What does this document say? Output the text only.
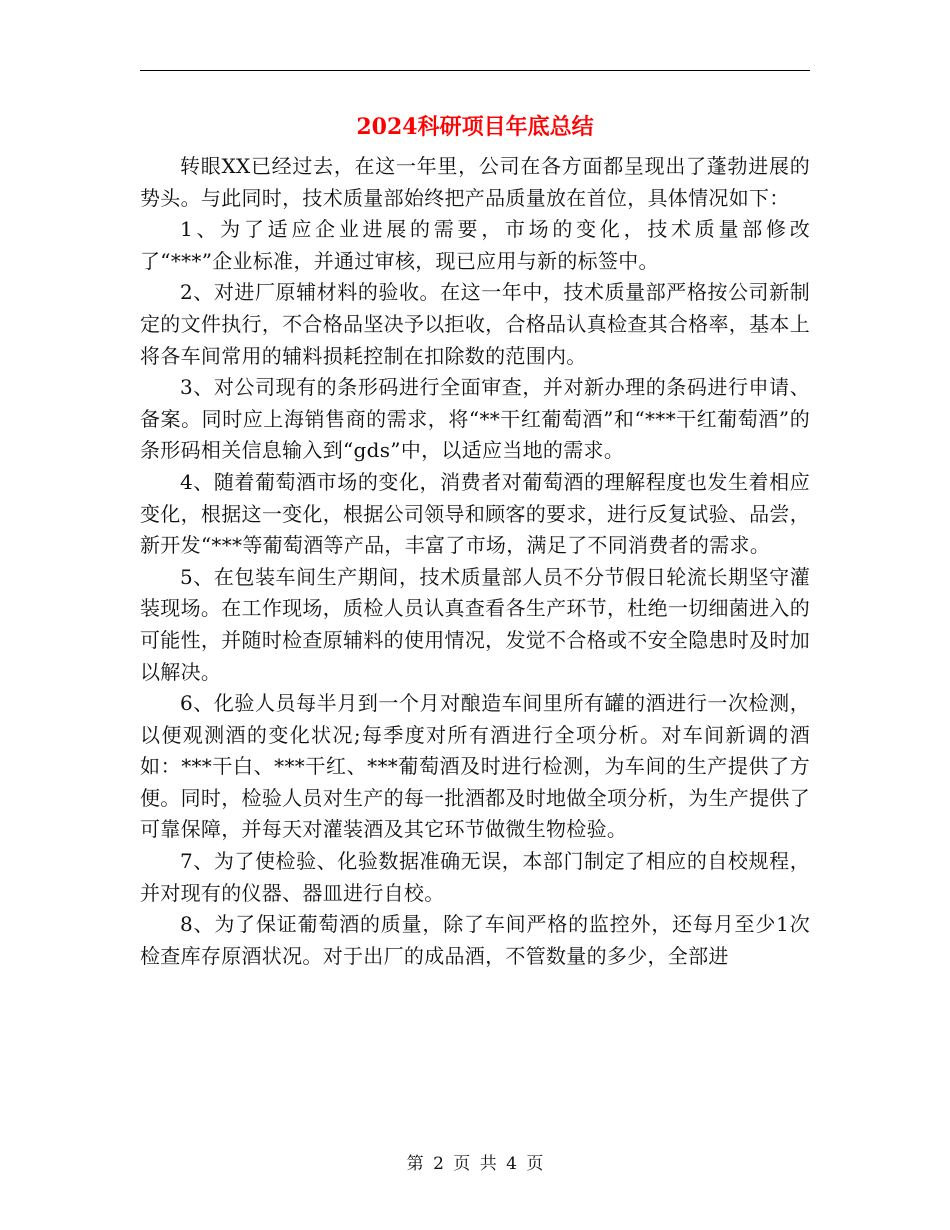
2024科研项目年底总结

转眼XX已经过去，在这一年里，公司在各方面都呈现出了蓬勃进展的势头。与此同时，技术质量部始终把产品质量放在首位，具体情况如下：

1、为了适应企业进展的需要，市场的变化，技术质量部修改了“***”企业标准，并通过审核，现已应用与新的标签中。

2、对进厂原辅材料的验收。在这一年中，技术质量部严格按公司新制定的文件执行，不合格品坚决予以拒收，合格品认真检查其合格率，基本上将各车间常用的辅料损耗控制在扣除数的范围内。

3、对公司现有的条形码进行全面审查，并对新办理的条码进行申请、备案。同时应上海销售商的需求，将“**干红葡萄酒”和“***干红葡萄酒”的条形码相关信息输入到“gds”中，以适应当地的需求。

4、随着葡萄酒市场的变化，消费者对葡萄酒的理解程度也发生着相应变化，根据这一变化，根据公司领导和顾客的要求，进行反复试验、品尝，新开发“***等葡萄酒等产品，丰富了市场，满足了不同消费者的需求。

5、在包装车间生产期间，技术质量部人员不分节假日轮流长期坚守灌装现场。在工作现场，质检人员认真查看各生产环节，杜绝一切细菌进入的可能性，并随时检查原辅料的使用情况，发觉不合格或不安全隐患时及时加以解决。

6、化验人员每半月到一个月对酿造车间里所有罐的酒进行一次检测，以便观测酒的变化状况;每季度对所有酒进行全项分析。对车间新调的酒如：***干白、***干红、***葡萄酒及时进行检测，为车间的生产提供了方便。同时，检验人员对生产的每一批酒都及时地做全项分析，为生产提供了可靠保障，并每天对灌装酒及其它环节做微生物检验。

7、为了使检验、化验数据准确无误，本部门制定了相应的自校规程，并对现有的仪器、器皿进行自校。

8、为了保证葡萄酒的质量，除了车间严格的监控外，还每月至少1次检查库存原酒状况。对于出厂的成品酒，不管数量的多少，全部进

第 2 页 共 4 页
